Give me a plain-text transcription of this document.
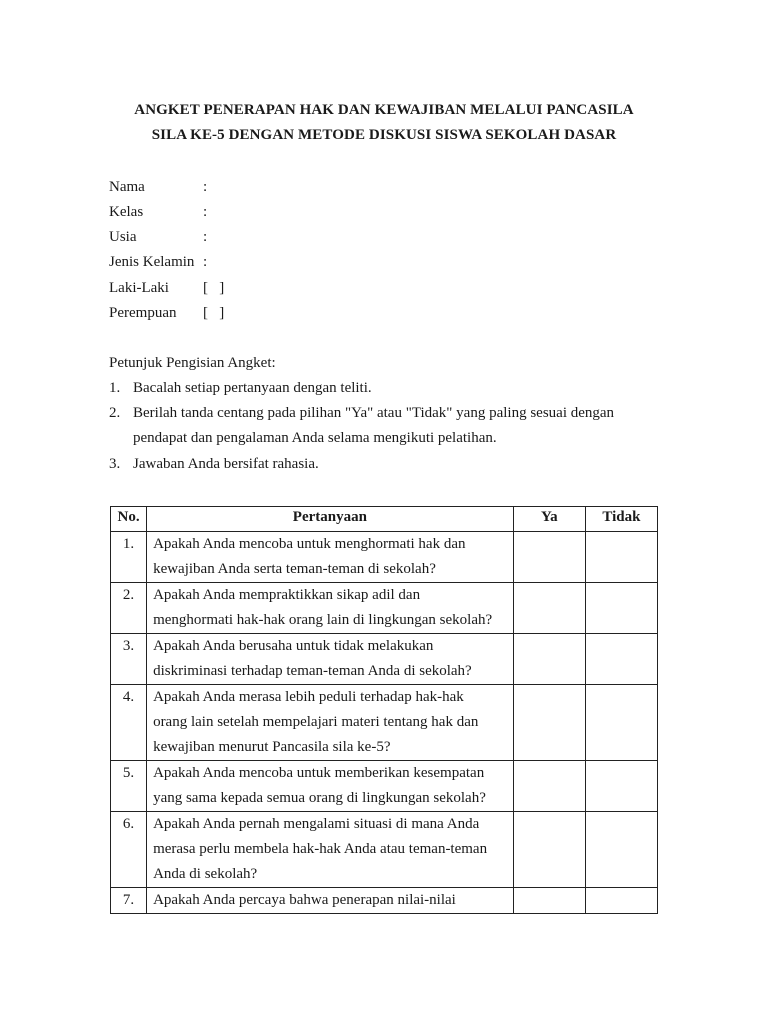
ANGKET PENERAPAN HAK DAN KEWAJIBAN MELALUI PANCASILA
SILA KE-5 DENGAN METODE DISKUSI SISWA SEKOLAH DASAR
Nama	:
Kelas	:
Usia	:
Jenis Kelamin :
Laki-Laki [   ]
Perempuan [   ]
Petunjuk Pengisian Angket:
1. Bacalah setiap pertanyaan dengan teliti.
2. Berilah tanda centang pada pilihan "Ya" atau "Tidak" yang paling sesuai dengan
pendapat dan pengalaman Anda selama mengikuti pelatihan.
3. Jawaban Anda bersifat rahasia.
No.	Pertanyaan	Ya	Tidak
1.	Apakah Anda mencoba untuk menghormati hak dan
kewajiban Anda serta teman-teman di sekolah?		

2.	Apakah Anda mempraktikkan sikap adil dan
menghormati hak-hak orang lain di lingkungan sekolah?		

3.	Apakah Anda berusaha untuk tidak melakukan
diskriminasi terhadap teman-teman Anda di sekolah?		

4.	Apakah Anda merasa lebih peduli terhadap hak-hak
orang lain setelah mempelajari materi tentang hak dan
kewajiban menurut Pancasila sila ke-5?		

5.	Apakah Anda mencoba untuk memberikan kesempatan
yang sama kepada semua orang di lingkungan sekolah?		

6.	Apakah Anda pernah mengalami situasi di mana Anda
merasa perlu membela hak-hak Anda atau teman-teman
Anda di sekolah?		

7.	Apakah Anda percaya bahwa penerapan nilai-nilai		
